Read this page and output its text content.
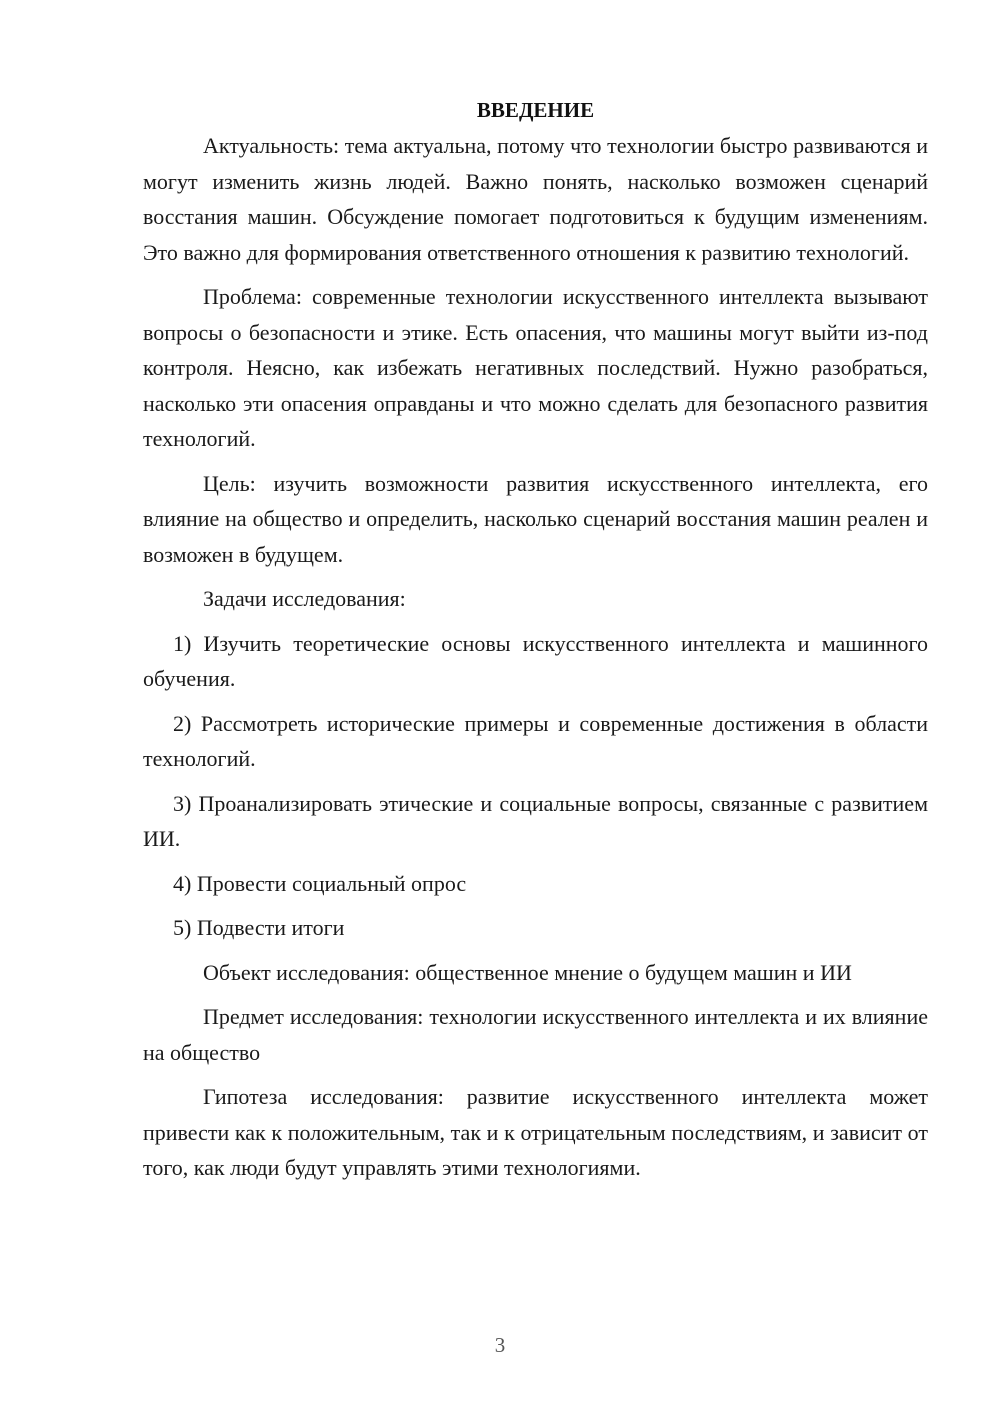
ВВЕДЕНИЕ

Актуальность: тема актуальна, потому что технологии быстро развиваются и могут изменить жизнь людей. Важно понять, насколько возможен сценарий восстания машин. Обсуждение помогает подготовиться к будущим изменениям. Это важно для формирования ответственного отношения к развитию технологий.

Проблема: современные технологии искусственного интеллекта вызывают вопросы о безопасности и этике. Есть опасения, что машины могут выйти из-под контроля. Неясно, как избежать негативных последствий. Нужно разобраться, насколько эти опасения оправданы и что можно сделать для безопасного развития технологий.

Цель: изучить возможности развития искусственного интеллекта, его влияние на общество и определить, насколько сценарий восстания машин реален и возможен в будущем.

Задачи исследования:

1) Изучить теоретические основы искусственного интеллекта и машинного обучения.

2) Рассмотреть исторические примеры и современные достижения в области технологий.

3) Проанализировать этические и социальные вопросы, связанные с развитием ИИ.

4) Провести социальный опрос

5) Подвести итоги

Объект исследования: общественное мнение о будущем машин и ИИ

Предмет исследования: технологии искусственного интеллекта и их влияние на общество

Гипотеза исследования: развитие искусственного интеллекта может привести как к положительным, так и к отрицательным последствиям, и зависит от того, как люди будут управлять этими технологиями.

3
